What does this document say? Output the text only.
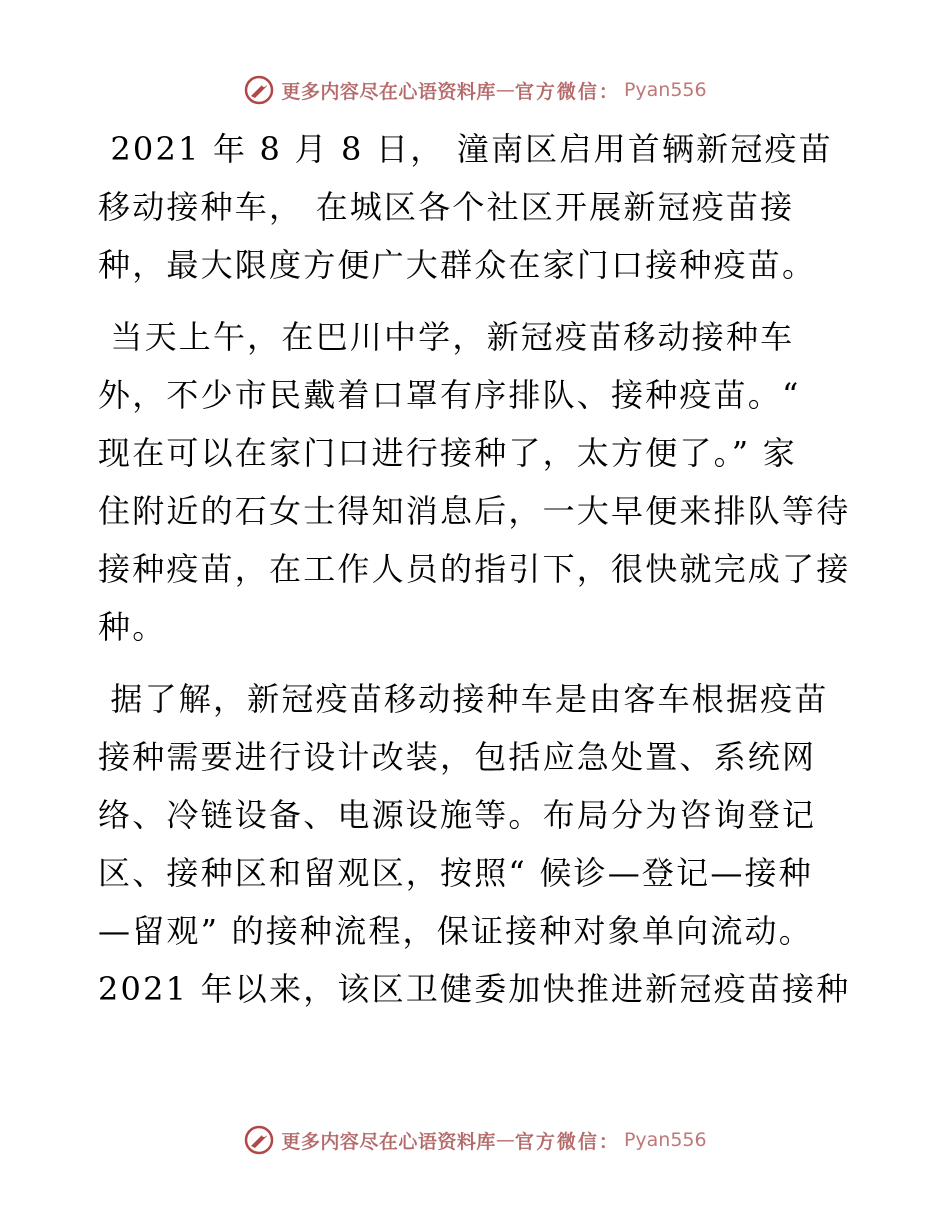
更多内容尽在心语资料库 — 官方微信： Pyan556

2021 年 8 月 8 日， 潼南区启用首辆新冠疫苗

移动接种车， 在城区各个社区开展新冠疫苗接

种，最大限度方便广大群众在家门口接种疫苗。

当天上午，在巴川中学，新冠疫苗移动接种车

外，不少市民戴着口罩有序排队、接种疫苗。“

现在可以在家门口进行接种了，太方便了。” 家

住附近的石女士得知消息后，一大早便来排队等待

接种疫苗，在工作人员的指引下，很快就完成了接

种。

据了解，新冠疫苗移动接种车是由客车根据疫苗

接种需要进行设计改装，包括应急处置、系统网

络、冷链设备、电源设施等。布局分为咨询登记

区、接种区和留观区，按照“ 候诊—登记—接种

—留观” 的接种流程，保证接种对象单向流动。

2021 年以来，该区卫健委加快推进新冠疫苗接种

更多内容尽在心语资料库 — 官方微信： Pyan556
